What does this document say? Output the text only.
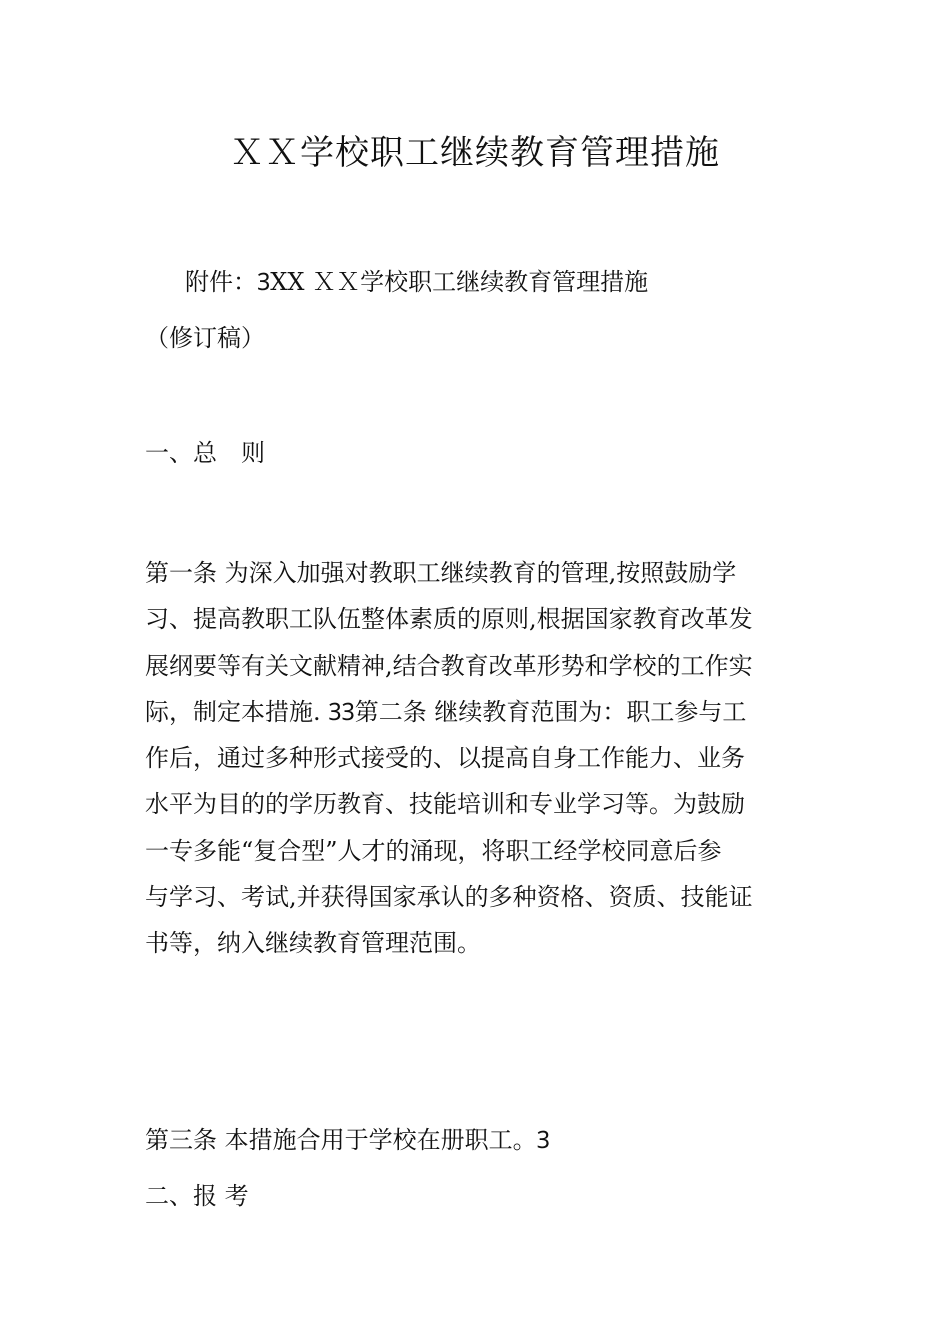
ＸＸ学校职工继续教育管理措施
附件：ꝪXX ＸＸ学校职工继续教育管理措施
（修订稿）
一、总　则
第一条 为深入加强对教职工继续教育的管理,按照鼓励学
习、提高教职工队伍整体素质的原则,根据国家教育改革发
展纲要等有关文献精神,结合教育改革形势和学校的工作实
际，制定本措施. ꝪꝪ第二条 继续教育范围为：职工参与工
作后，通过多种形式接受的、以提高自身工作能力、业务
水平为目的的学历教育、技能培训和专业学习等。为鼓励
一专多能“复合型”人才的涌现，将职工经学校同意后参
与学习、考试,并获得国家承认的多种资格、资质、技能证
书等，纳入继续教育管理范围。
第三条 本措施合用于学校在册职工。Ꝫ
二、报 考
